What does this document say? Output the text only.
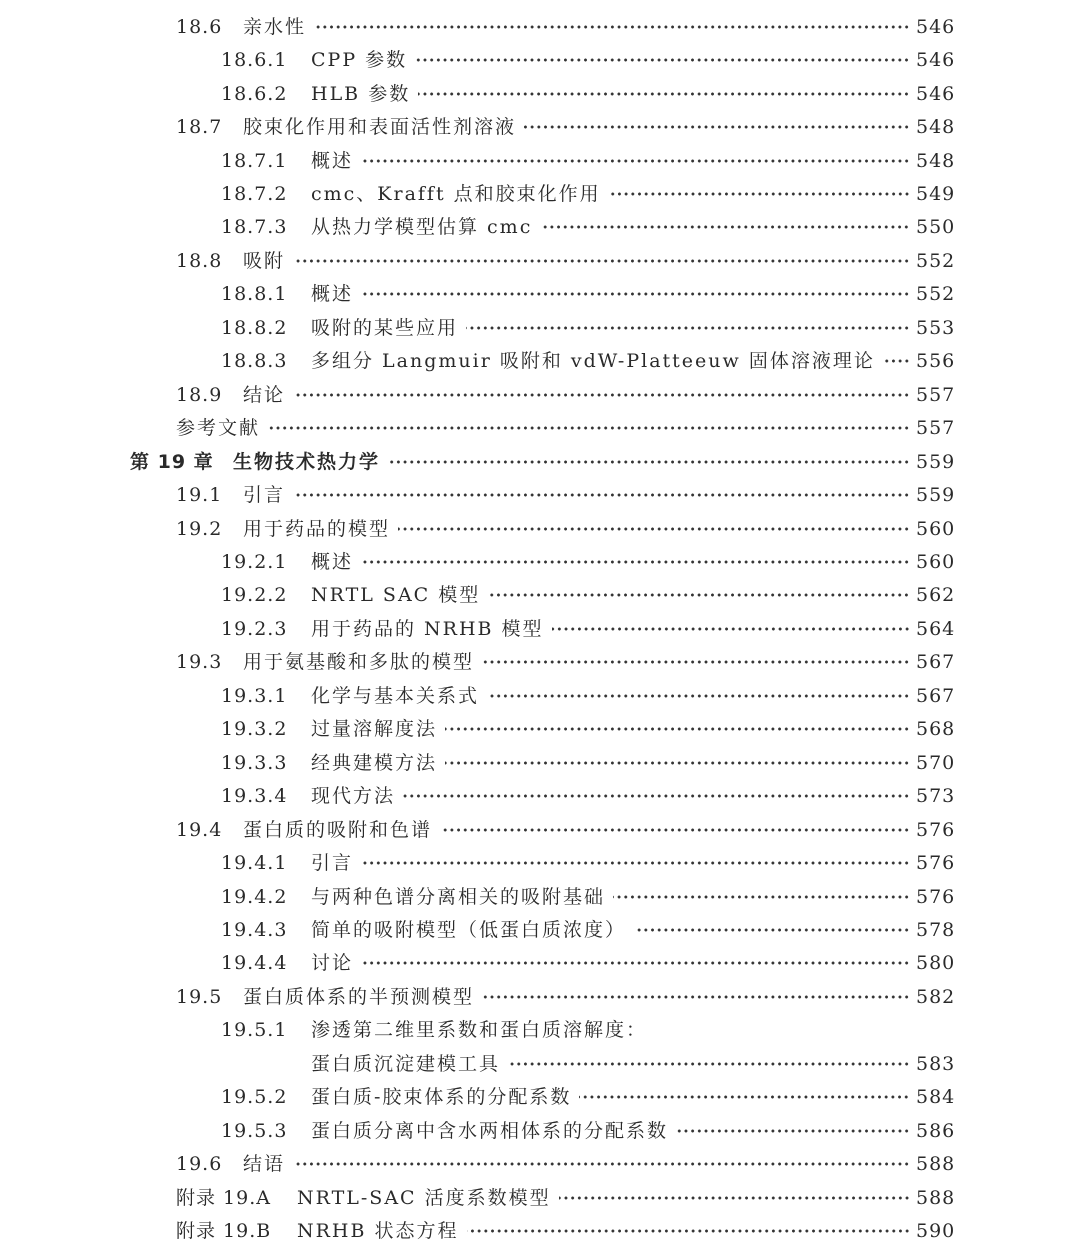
18.6	亲水性	546
18.6.1	CPP 参数	546
18.6.2	HLB 参数	546
18.7	胶束化作用和表面活性剂溶液	548
18.7.1	概述	548
18.7.2	cmc、Krafft 点和胶束化作用	549
18.7.3	从热力学模型估算 cmc	550
18.8	吸附	552
18.8.1	概述	552
18.8.2	吸附的某些应用	553
18.8.3	多组分 Langmuir 吸附和 vdW-Platteeuw 固体溶液理论	556
18.9	结论	557
参考文献	557
第 19 章	生物技术热力学	559
19.1	引言	559
19.2	用于药品的模型	560
19.2.1	概述	560
19.2.2	NRTL SAC 模型	562
19.2.3	用于药品的 NRHB 模型	564
19.3	用于氨基酸和多肽的模型	567
19.3.1	化学与基本关系式	567
19.3.2	过量溶解度法	568
19.3.3	经典建模方法	570
19.3.4	现代方法	573
19.4	蛋白质的吸附和色谱	576
19.4.1	引言	576
19.4.2	与两种色谱分离相关的吸附基础	576
19.4.3	简单的吸附模型（低蛋白质浓度）	578
19.4.4	讨论	580
19.5	蛋白质体系的半预测模型	582
19.5.1	渗透第二维里系数和蛋白质溶解度：
蛋白质沉淀建模工具	583
19.5.2	蛋白质-胶束体系的分配系数	584
19.5.3	蛋白质分离中含水两相体系的分配系数	586
19.6	结语	588
附录 19.A	NRTL-SAC 活度系数模型	588
附录 19.B	NRHB 状态方程	590
